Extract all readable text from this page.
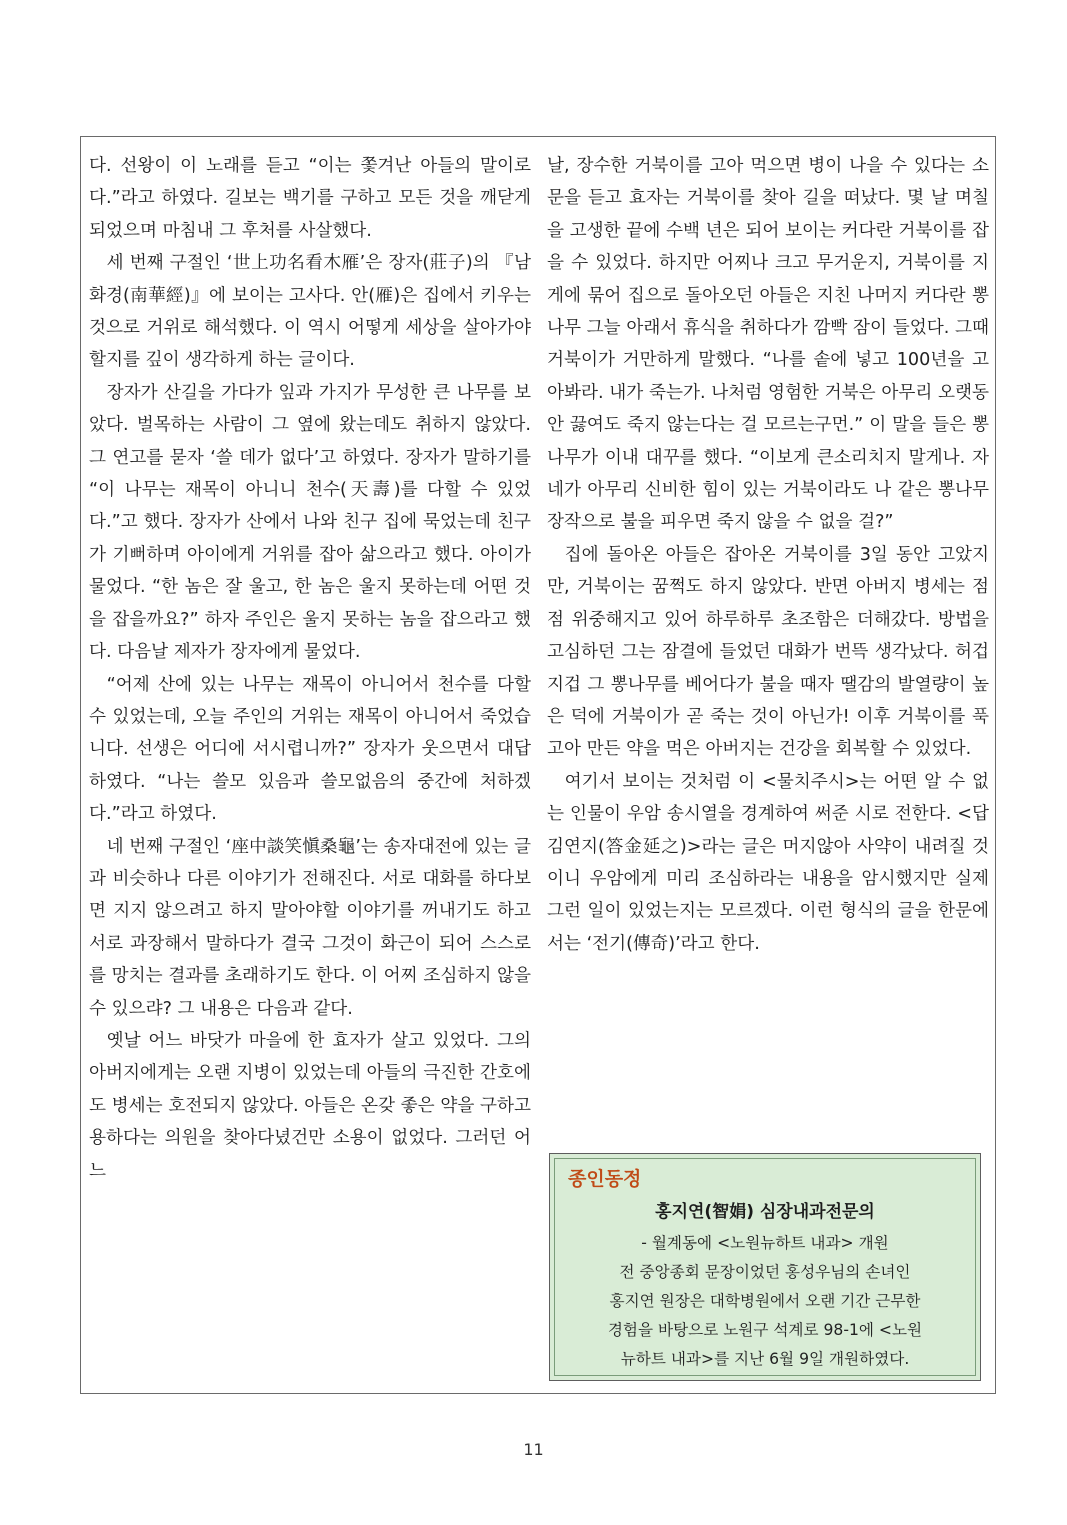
다. 선왕이 이 노래를 듣고 “이는 쫓겨난 아들의 말이로다.”라고 하였다. 길보는 백기를 구하고 모든 것을 깨닫게 되었으며 마침내 그 후처를 사살했다.

세 번째 구절인 ‘世上功名看木雁’은 장자(莊子)의 『남화경(南華經)』에 보이는 고사다. 안(雁)은 집에서 키우는 것으로 거위로 해석했다. 이 역시 어떻게 세상을 살아가야 할지를 깊이 생각하게 하는 글이다.

장자가 산길을 가다가 잎과 가지가 무성한 큰 나무를 보았다. 벌목하는 사람이 그 옆에 왔는데도 취하지 않았다. 그 연고를 묻자 ‘쓸 데가 없다’고 하였다. 장자가 말하기를 “이 나무는 재목이 아니니 천수(天壽)를 다할 수 있었다.”고 했다. 장자가 산에서 나와 친구 집에 묵었는데 친구가 기뻐하며 아이에게 거위를 잡아 삶으라고 했다. 아이가 물었다. “한 놈은 잘 울고, 한 놈은 울지 못하는데 어떤 것을 잡을까요?” 하자 주인은 울지 못하는 놈을 잡으라고 했다. 다음날 제자가 장자에게 물었다.

“어제 산에 있는 나무는 재목이 아니어서 천수를 다할 수 있었는데, 오늘 주인의 거위는 재목이 아니어서 죽었습니다. 선생은 어디에 서시렵니까?” 장자가 웃으면서 대답하였다. “나는 쓸모 있음과 쓸모없음의 중간에 처하겠다.”라고 하였다.

네 번째 구절인 ‘座中談笑愼桑龜’는 송자대전에 있는 글과 비슷하나 다른 이야기가 전해진다. 서로 대화를 하다보면 지지 않으려고 하지 말아야할 이야기를 꺼내기도 하고 서로 과장해서 말하다가 결국 그것이 화근이 되어 스스로를 망치는 결과를 초래하기도 한다. 이 어찌 조심하지 않을 수 있으랴? 그 내용은 다음과 같다.

옛날 어느 바닷가 마을에 한 효자가 살고 있었다. 그의 아버지에게는 오랜 지병이 있었는데 아들의 극진한 간호에도 병세는 호전되지 않았다. 아들은 온갖 좋은 약을 구하고 용하다는 의원을 찾아다녔건만 소용이 없었다. 그러던 어느

날, 장수한 거북이를 고아 먹으면 병이 나을 수 있다는 소문을 듣고 효자는 거북이를 찾아 길을 떠났다. 몇 날 며칠을 고생한 끝에 수백 년은 되어 보이는 커다란 거북이를 잡을 수 있었다. 하지만 어찌나 크고 무거운지, 거북이를 지게에 묶어 집으로 돌아오던 아들은 지친 나머지 커다란 뽕나무 그늘 아래서 휴식을 취하다가 깜빡 잠이 들었다. 그때 거북이가 거만하게 말했다. “나를 솥에 넣고 100년을 고아봐라. 내가 죽는가. 나처럼 영험한 거북은 아무리 오랫동안 끓여도 죽지 않는다는 걸 모르는구먼.” 이 말을 들은 뽕나무가 이내 대꾸를 했다. “이보게 큰소리치지 말게나. 자네가 아무리 신비한 힘이 있는 거북이라도 나 같은 뽕나무 장작으로 불을 피우면 죽지 않을 수 없을 걸?”

집에 돌아온 아들은 잡아온 거북이를 3일 동안 고았지만, 거북이는 꿈쩍도 하지 않았다. 반면 아버지 병세는 점점 위중해지고 있어 하루하루 초조함은 더해갔다. 방법을 고심하던 그는 잠결에 들었던 대화가 번뜩 생각났다. 허겁지겁 그 뽕나무를 베어다가 불을 때자 땔감의 발열량이 높은 덕에 거북이가 곧 죽는 것이 아닌가! 이후 거북이를 푹 고아 만든 약을 먹은 아버지는 건강을 회복할 수 있었다.

여기서 보이는 것처럼 이 <물치주시>는 어떤 알 수 없는 인물이 우암 송시열을 경계하여 써준 시로 전한다. <답김연지(答金延之)>라는 글은 머지않아 사약이 내려질 것이니 우암에게 미리 조심하라는 내용을 암시했지만 실제 그런 일이 있었는지는 모르겠다. 이런 형식의 글을 한문에서는 ‘전기(傳奇)’라고 한다.

종인동정
홍지연(智娟) 심장내과전문의
- 월계동에 <노원뉴하트 내과> 개원
전 중앙종회 문장이었던 홍성우님의 손녀인
홍지연 원장은 대학병원에서 오랜 기간 근무한
경험을 바탕으로 노원구 석계로 98-1에 <노원
뉴하트 내과>를 지난 6월 9일 개원하였다.
11
